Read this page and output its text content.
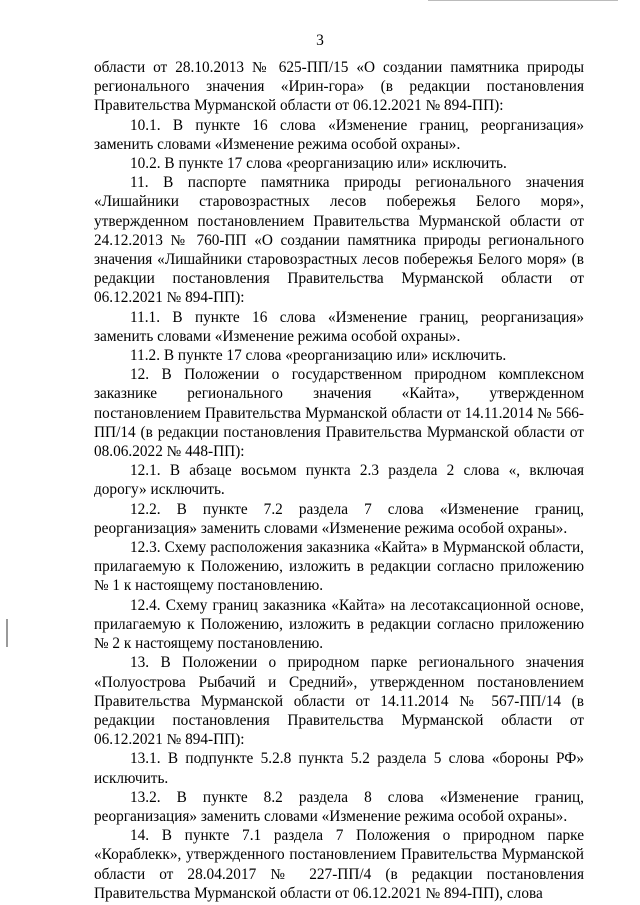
3

области от 28.10.2013 № 625-ПП/15 «О создании памятника природы регионального значения «Ирин-гора» (в редакции постановления Правительства Мурманской области от 06.12.2021 № 894-ПП):

10.1. В пункте 16 слова «Изменение границ, реорганизация» заменить словами «Изменение режима особой охраны».

10.2. В пункте 17 слова «реорганизацию или» исключить.

11. В паспорте памятника природы регионального значения «Лишайники старовозрастных лесов побережья Белого моря», утвержденном постановлением Правительства Мурманской области от 24.12.2013 № 760-ПП «О создании памятника природы регионального значения «Лишайники старовозрастных лесов побережья Белого моря» (в редакции постановления Правительства Мурманской области от 06.12.2021 № 894-ПП):

11.1. В пункте 16 слова «Изменение границ, реорганизация» заменить словами «Изменение режима особой охраны».

11.2. В пункте 17 слова «реорганизацию или» исключить.

12. В Положении о государственном природном комплексном заказнике регионального значения «Кайта», утвержденном постановлением Правительства Мурманской области от 14.11.2014 № 566-ПП/14 (в редакции постановления Правительства Мурманской области от 08.06.2022 № 448-ПП):

12.1. В абзаце восьмом пункта 2.3 раздела 2 слова «, включая дорогу» исключить.

12.2. В пункте 7.2 раздела 7 слова «Изменение границ, реорганизация» заменить словами «Изменение режима особой охраны».

12.3. Схему расположения заказника «Кайта» в Мурманской области, прилагаемую к Положению, изложить в редакции согласно приложению № 1 к настоящему постановлению.

12.4. Схему границ заказника «Кайта» на лесотаксационной основе, прилагаемую к Положению, изложить в редакции согласно приложению № 2 к настоящему постановлению.

13. В Положении о природном парке регионального значения «Полуострова Рыбачий и Средний», утвержденном постановлением Правительства Мурманской области от 14.11.2014 № 567-ПП/14 (в редакции постановления Правительства Мурманской области от 06.12.2021 № 894-ПП):

13.1. В подпункте 5.2.8 пункта 5.2 раздела 5 слова «бороны РФ» исключить.

13.2. В пункте 8.2 раздела 8 слова «Изменение границ, реорганизация» заменить словами «Изменение режима особой охраны».

14. В пункте 7.1 раздела 7 Положения о природном парке «Кораблекк», утвержденного постановлением Правительства Мурманской области от 28.04.2017 № 227-ПП/4 (в редакции постановления Правительства Мурманской области от 06.12.2021 № 894-ПП), слова
